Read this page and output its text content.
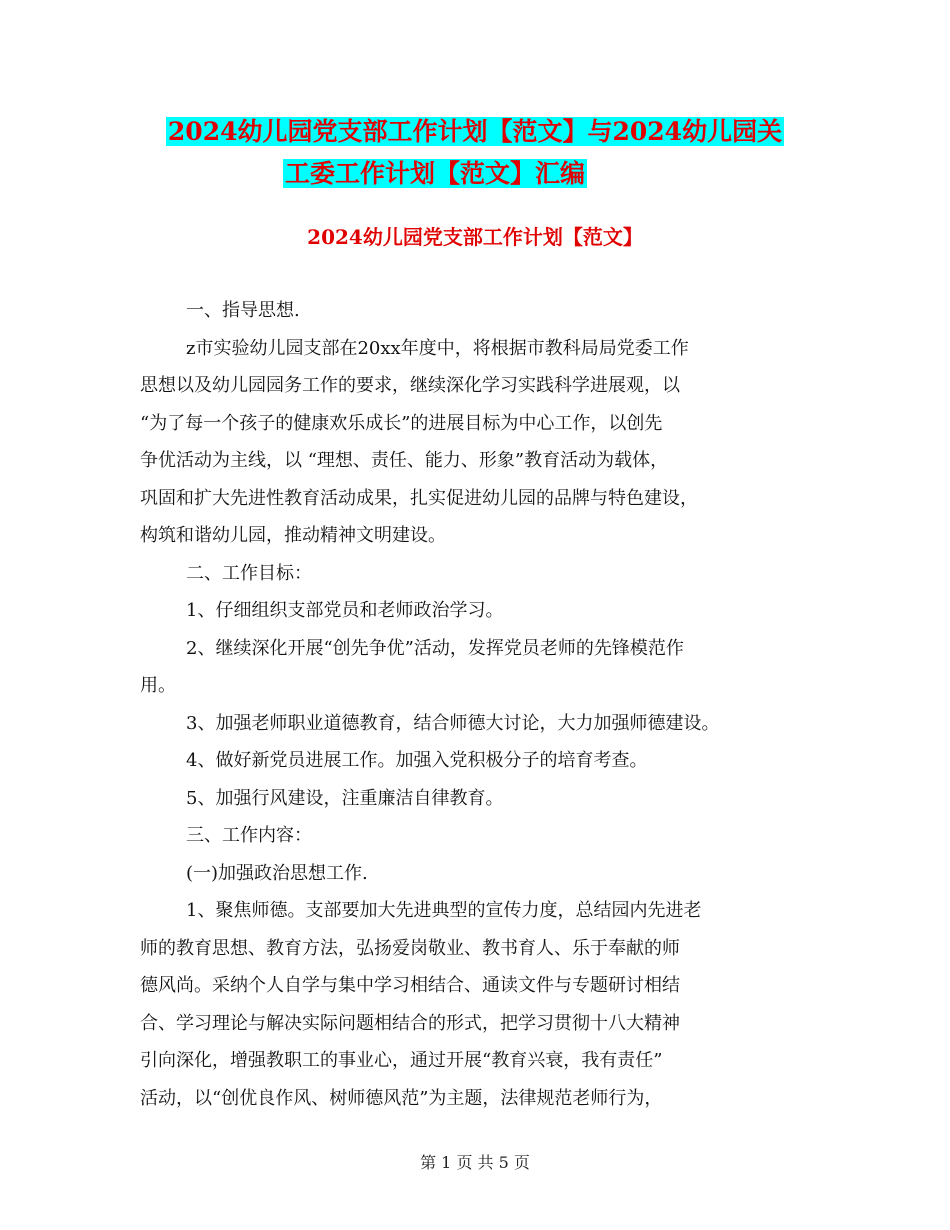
2024幼儿园党支部工作计划【范文】与2024幼儿园关
工委工作计划【范文】汇编
2024幼儿园党支部工作计划【范文】
一、指导思想.
z市实验幼儿园支部在20xx年度中，将根据市教科局局党委工作
思想以及幼儿园园务工作的要求，继续深化学习实践科学进展观，以
“为了每一个孩子的健康欢乐成长”的进展目标为中心工作，以创先
争优活动为主线，以 “理想、责任、能力、形象”教育活动为载体，
巩固和扩大先进性教育活动成果，扎实促进幼儿园的品牌与特色建设，
构筑和谐幼儿园，推动精神文明建设。
二、工作目标：
1、仔细组织支部党员和老师政治学习。
2、继续深化开展“创先争优”活动，发挥党员老师的先锋模范作
用。
3、加强老师职业道德教育，结合师德大讨论，大力加强师德建设。
4、做好新党员进展工作。加强入党积极分子的培育考查。
5、加强行风建设，注重廉洁自律教育。
三、工作内容：
(一)加强政治思想工作.
1、聚焦师德。支部要加大先进典型的宣传力度，总结园内先进老
师的教育思想、教育方法，弘扬爱岗敬业、教书育人、乐于奉献的师
德风尚。采纳个人自学与集中学习相结合、通读文件与专题研讨相结
合、学习理论与解决实际问题相结合的形式，把学习贯彻十八大精神
引向深化，增强教职工的事业心，通过开展“教育兴衰，我有责任”
活动，以“创优良作风、树师德风范”为主题，法律规范老师行为，
第 1 页 共 5 页
